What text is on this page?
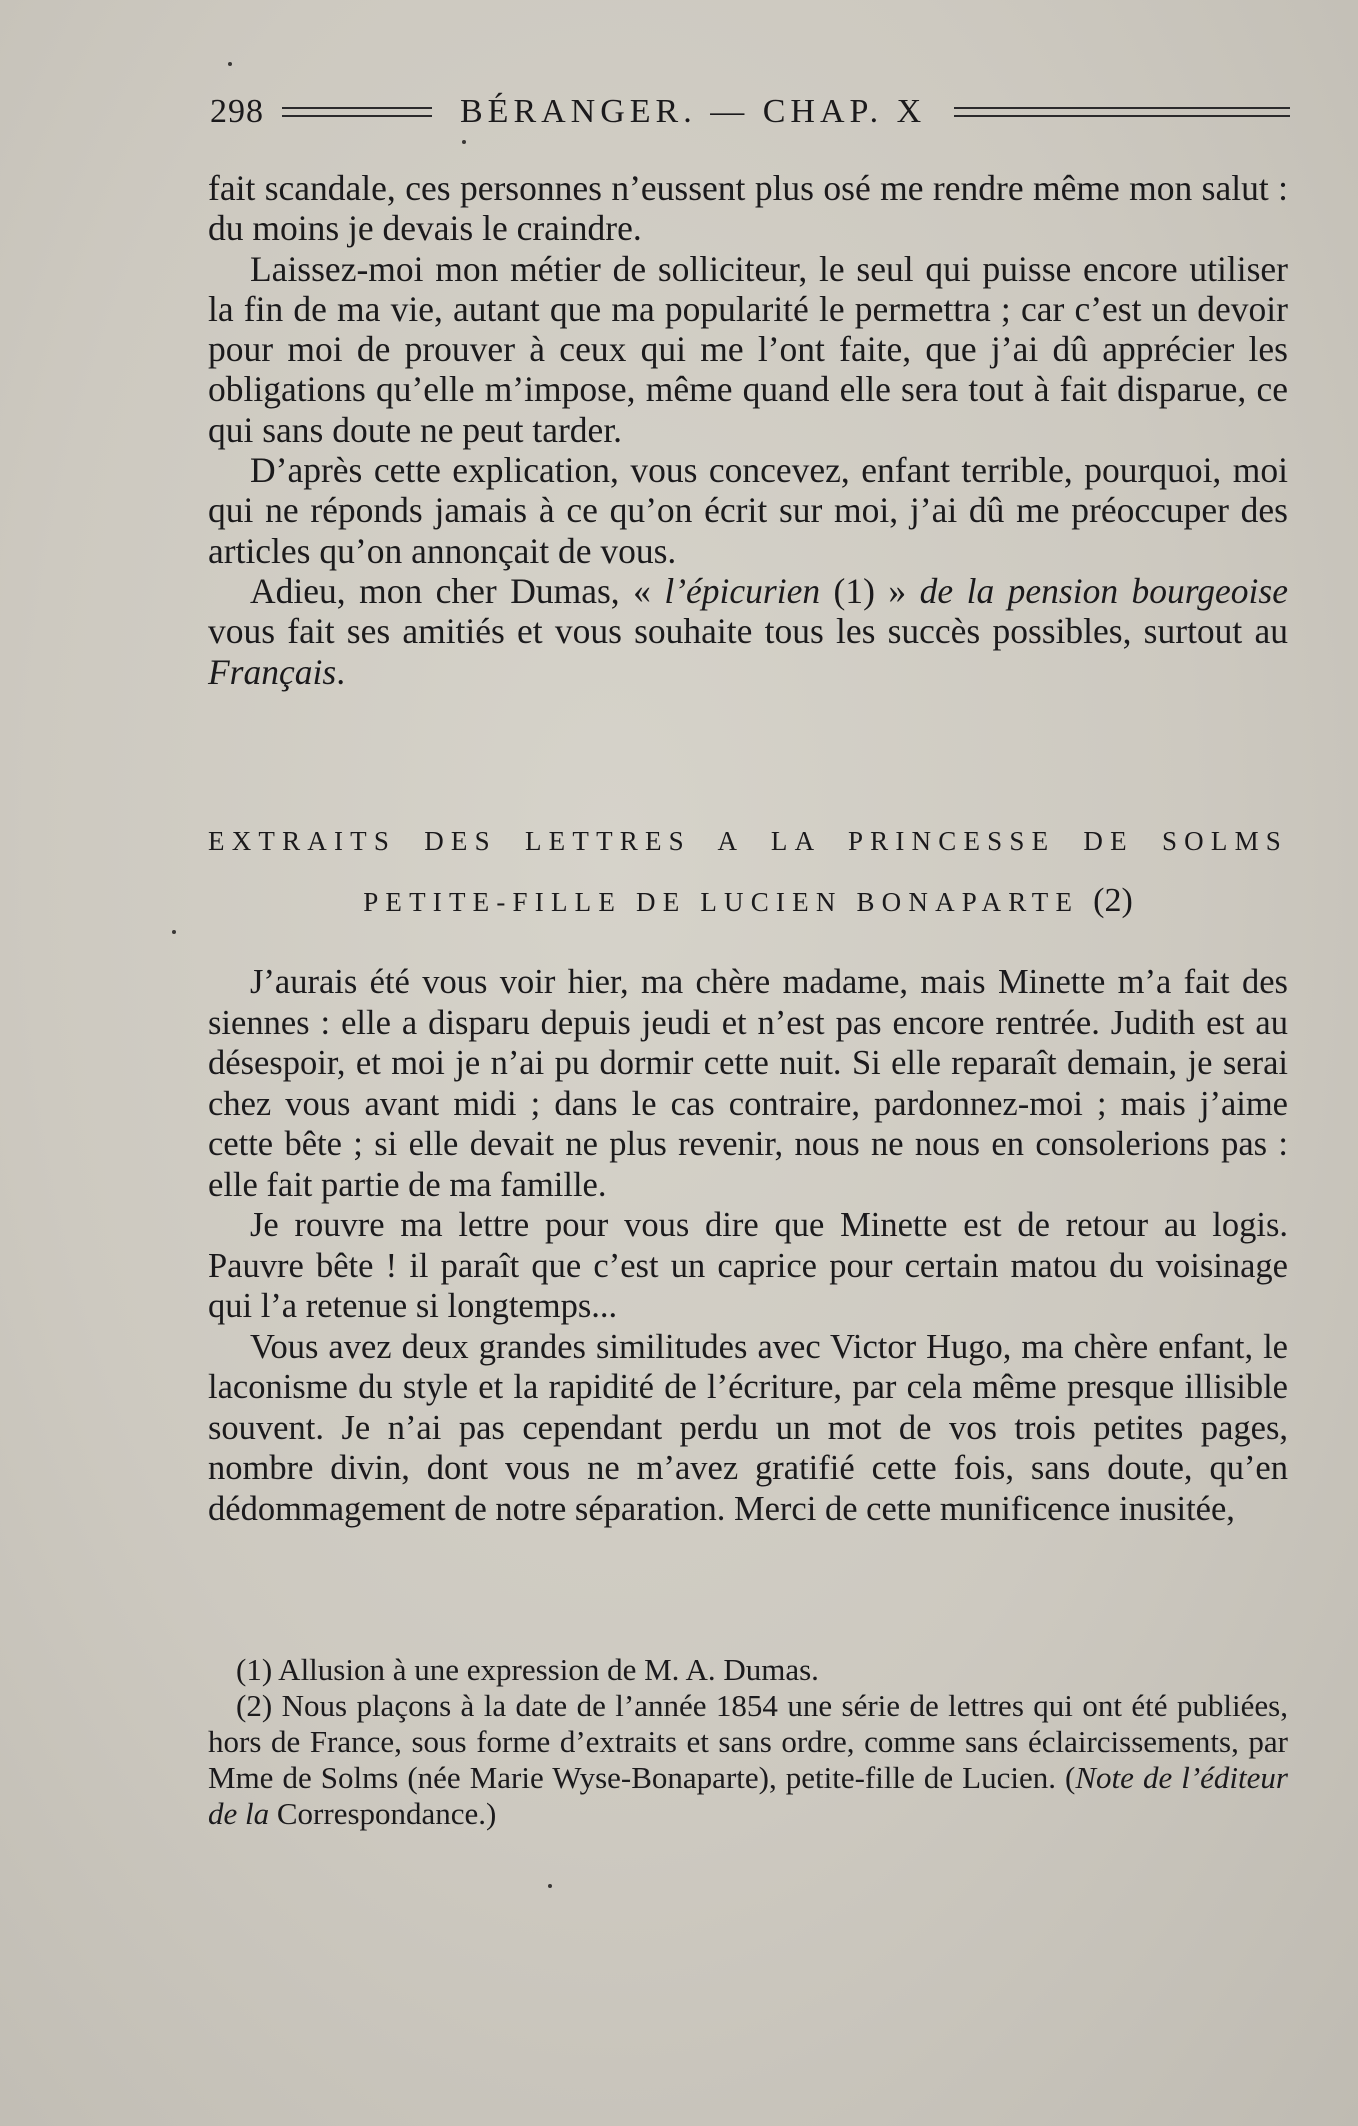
298	BÉRANGER. — CHAP. X

fait scandale, ces personnes n’eussent plus osé me rendre même mon salut : du moins je devais le craindre.

Laissez-moi mon métier de solliciteur, le seul qui puisse encore utiliser la fin de ma vie, autant que ma popularité le permettra ; car c’est un devoir pour moi de prouver à ceux qui me l’ont faite, que j’ai dû apprécier les obligations qu’elle m’impose, même quand elle sera tout à fait disparue, ce qui sans doute ne peut tarder.

D’après cette explication, vous concevez, enfant terrible, pourquoi, moi qui ne réponds jamais à ce qu’on écrit sur moi, j’ai dû me préoccuper des articles qu’on annonçait de vous.

Adieu, mon cher Dumas, « l’épicurien (1) » de la pension bourgeoise vous fait ses amitiés et vous souhaite tous les succès possibles, surtout au Français.

EXTRAITS DES LETTRES A LA PRINCESSE DE SOLMS
PETITE-FILLE DE LUCIEN BONAPARTE (2)

J’aurais été vous voir hier, ma chère madame, mais Minette m’a fait des siennes : elle a disparu depuis jeudi et n’est pas encore rentrée. Judith est au désespoir, et moi je n’ai pu dormir cette nuit. Si elle reparaît demain, je serai chez vous avant midi ; dans le cas contraire, pardonnez-moi ; mais j’aime cette bête ; si elle devait ne plus revenir, nous ne nous en consolerions pas : elle fait partie de ma famille.

Je rouvre ma lettre pour vous dire que Minette est de retour au logis. Pauvre bête ! il paraît que c’est un caprice pour certain matou du voisinage qui l’a retenue si longtemps...

Vous avez deux grandes similitudes avec Victor Hugo, ma chère enfant, le laconisme du style et la rapidité de l’écriture, par cela même presque illisible souvent. Je n’ai pas cependant perdu un mot de vos trois petites pages, nombre divin, dont vous ne m’avez gratifié cette fois, sans doute, qu’en dédommagement de notre séparation. Merci de cette munificence inusitée,

(1) Allusion à une expression de M. A. Dumas.

(2) Nous plaçons à la date de l’année 1854 une série de lettres qui ont été publiées, hors de France, sous forme d’extraits et sans ordre, comme sans éclaircissements, par Mme de Solms (née Marie Wyse-Bonaparte), petite-fille de Lucien. (Note de l’éditeur de la Correspondance.)
